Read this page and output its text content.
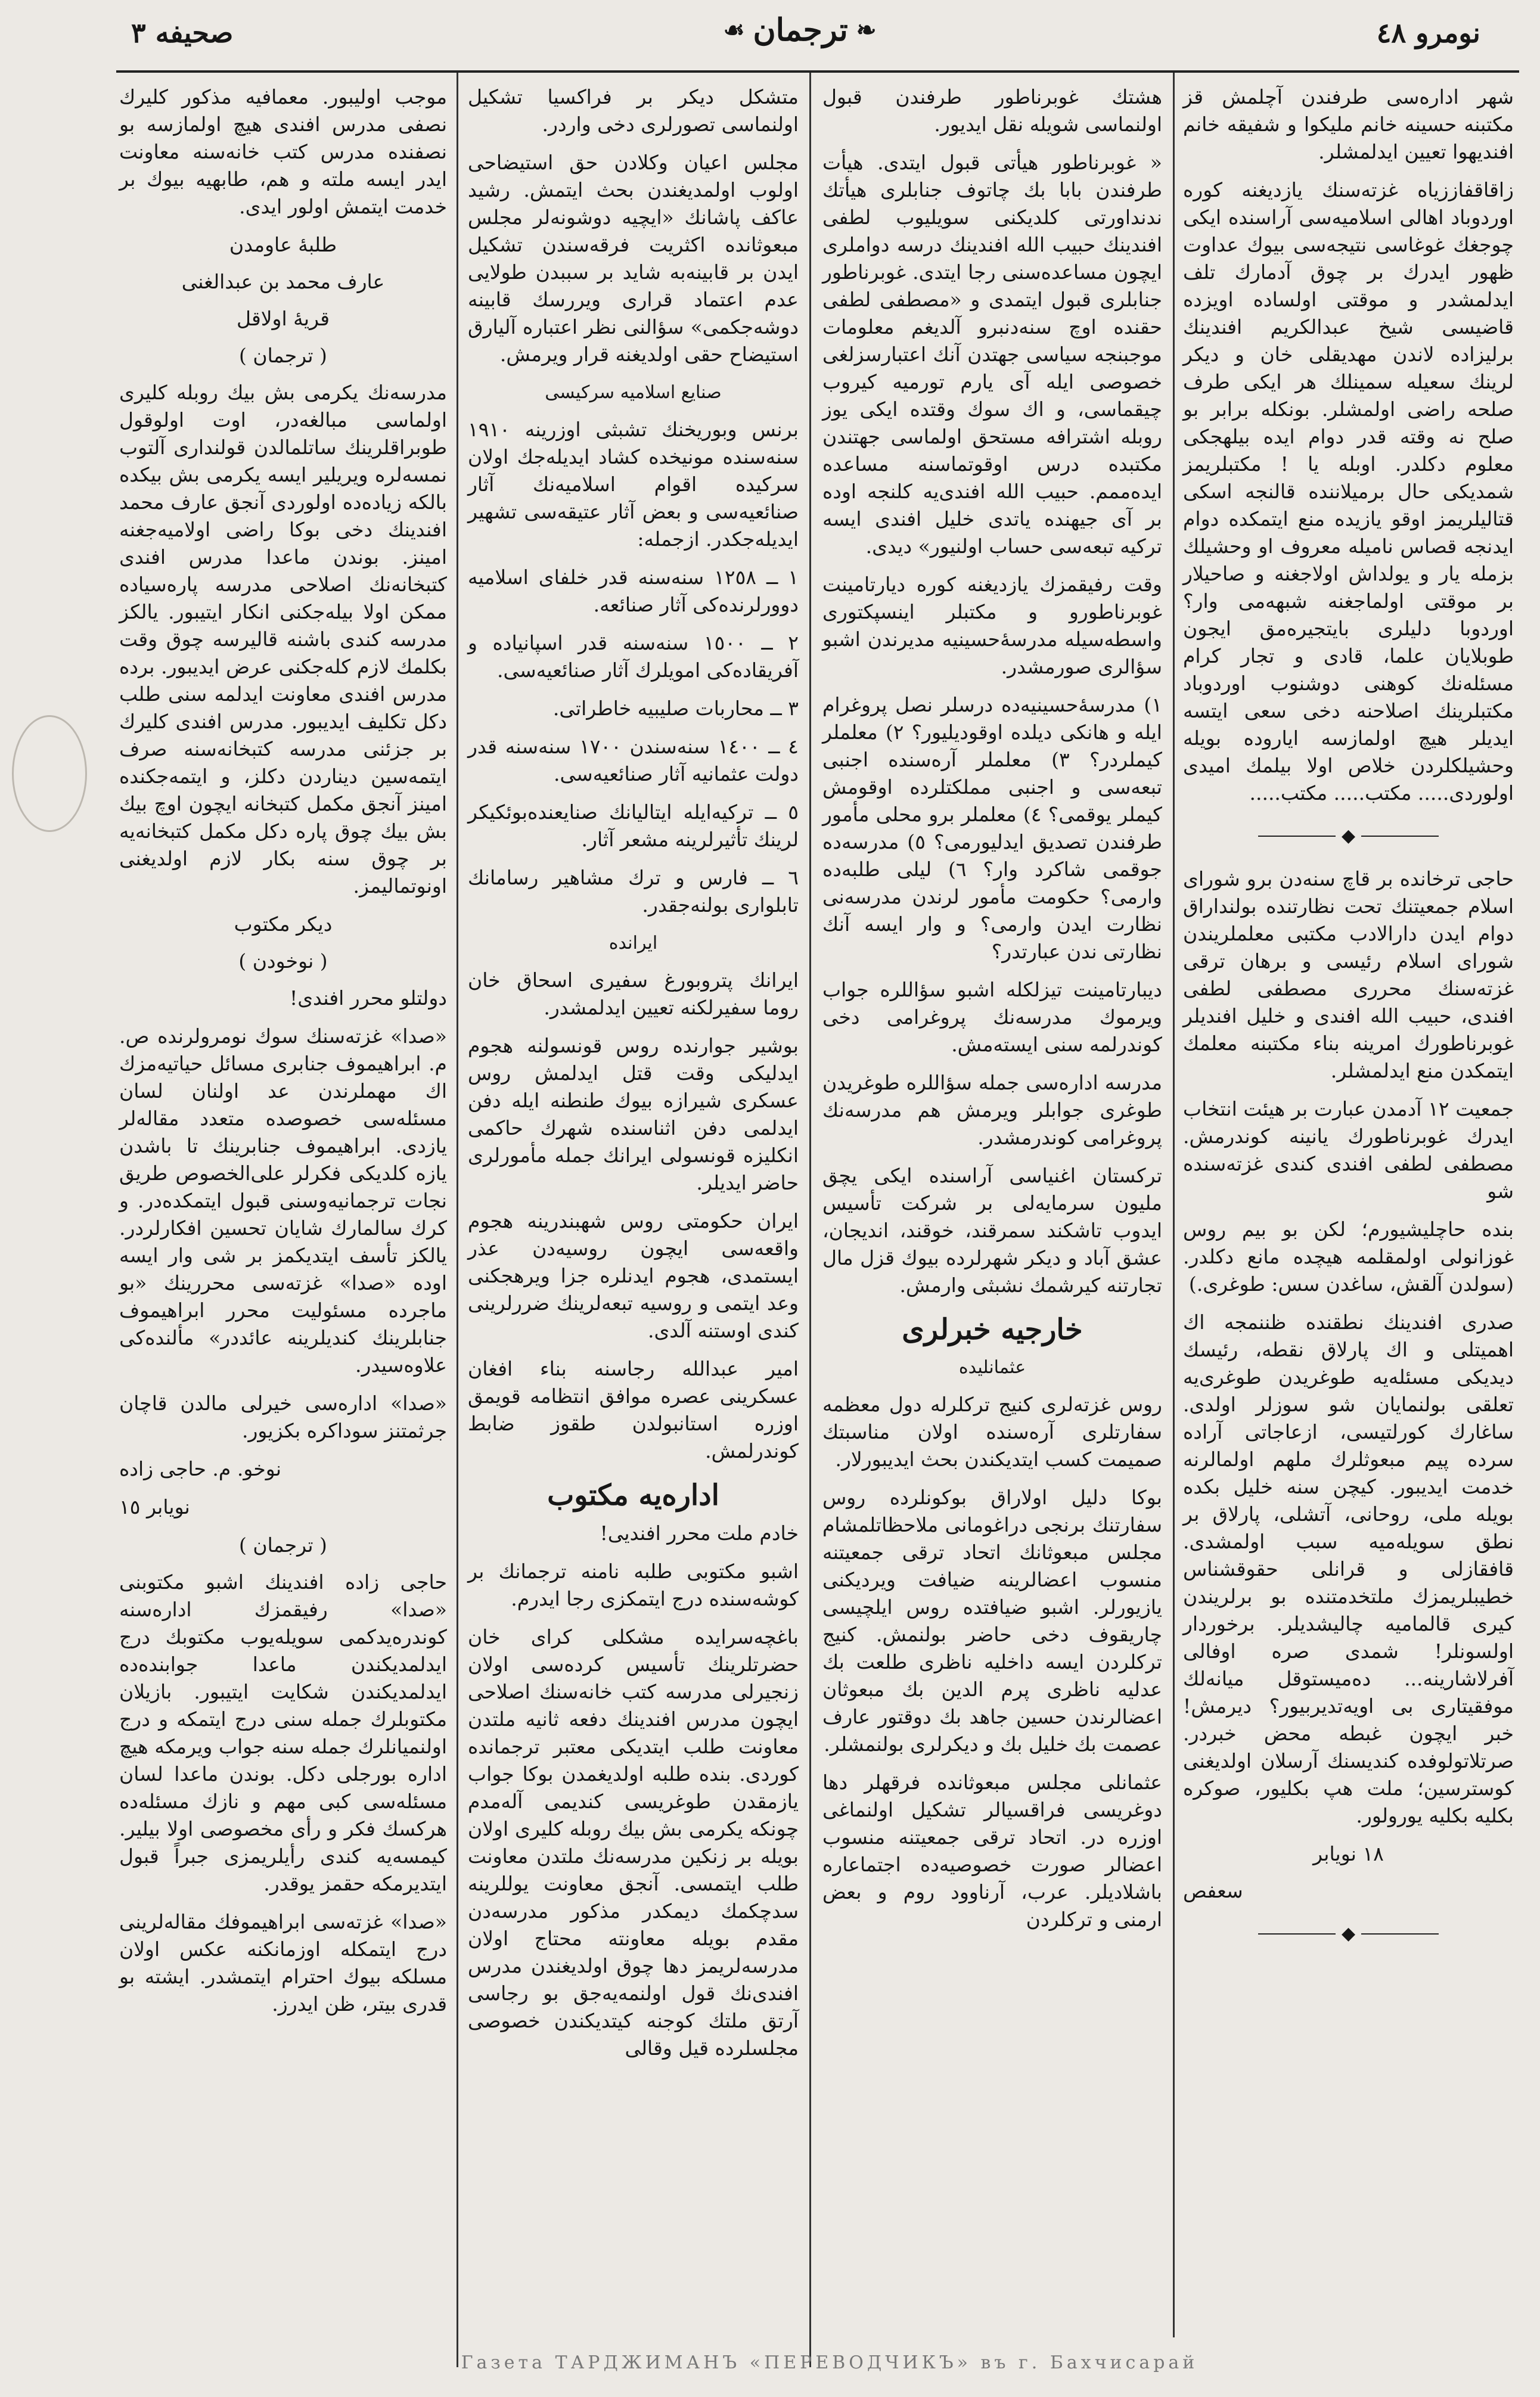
نومرو ٤٨
❧
ترجمان
☙
صحيفه ٣

شهر ادارەسی طرفندن آچلمش قز مکتبنه حسینه خانم ملیکوا و شفیقه خانم افندیهوا تعیین ایدلمشلر.

زاقاقفاززیاه غزتەسنك یازدیغنه کوره اوردوباد اهالی اسلامیەسی آراسنده ایکی چوجغك غوغاسی نتیجەسی بیوك عداوت ظهور ایدرك بر چوق آدمارك تلف ایدلمشدر و موقتی اولساده اویزدە قاضیسی شیخ عبدالکریم افندینك برلیزادە لاندن مهدیقلی خان و دیکر لرینك سعیله سمینلك هر ایکی طرف صلحه راضی اولمشلر. بونکله برابر بو صلح نه وقته قدر دوام ایده بیلهجکی معلوم دکلدر. اوبله یا ! مکتبلریمز شمدیکی حال برمیلاننده قالنجه اسکی قتالیلریمز اوقو یازیده منع ایتمکده دوام ایدنجه قصاس نامیله معروف او وحشیلك بزمله یار و یولداش اولاجغنه و صاحیلار بر موقتی اولماجغنه شبهەمی وار؟ اوردوبا دلیلری بایتجیرەمق ایجون طوبلایان علما، قادی و تجار کرام مسئلەنك کوهنی دوشنوب اوردوباد مکتبلرینك اصلاحنه دخی سعی ایتسه ایدیلر هیچ اولمازسه ایاروده بویله وحشیلکلردن خلاص اولا بیلمك امیدی اولوردی..... مکتب..... مکتب.....

◆

حاجی ترخانده بر قاچ سنەدن برو شورای اسلام جمعیتنك تحت نظارتنده بولنداراق دوام ایدن دارالادب مکتبی معلملریندن شورای اسلام رئیسی و برهان ترقی غزتەسنك محرری مصطفی لطفی افندی، حبیب الله افندی و خلیل افندیلر غوبرناطورك امرینه بناء مکتبنه معلمك ایتمکدن منع ایدلمشلر.

جمعیت ١٢ آدمدن عبارت بر هیئت انتخاب ایدرك غوبرناطورك یانینه کوندرمش. مصطفی لطفی افندی کندی غزتەسنده شو

بنده حاچلیشیورم؛ لکن بو بیم روس غوزانولی اولمقلمه هیچده مانع دکلدر. (سولدن آلقش، ساغدن سس: طوغری.)

صدری افندینك نطقنده ظننمجه اك اهمیتلی و اك پارلاق نقطه، رئیسك دیدیکی مسئلەیە طوغریدن طوغری‌یه تعلقی بولنمایان شو سوزلر اولدی. ساغارك کورلتیسی، ازعاجاتی آراده سرده پیم مبعوثلرك ملهم اولمالرنه خدمت ایدیبور. کیچن سنه خلیل بکده بویله ملی، روحانی، آتشلی، پارلاق بر نطق سویلەمیە سبب اولمشدی. قافقازلی و قرانلی حقوقشناس خطیبلریمزك ملتخدمتنده بو برلریندن کیری قالمامیه چالیشدیلر. برخوردار اولسونلر! شمدی صره اوفالی آفرلاشارینه... دەمیستوقل میانەلك موفقیتاری بی اویەتدیربیور؟ دیرمش! خبر ایچون غبطه محض خبردر. صرتلاتولوفده کندیسنك آرسلان اولدیغنی کوسترسین؛ ملت هپ بکلیور، صوکره بکلیه بکلیه یورولور.

١٨ نویابر
سعفص
◆

هشتك غوبرناطور طرفندن قبول اولنماسی شویله نقل ایدیور.

« غوبرناطور هیأتی قبول ایتدی. هیأت طرفندن بابا بك چاتوف جنابلری هیأتك ندنداورتی کلدیکنی سویلیوب لطفی افندینك حبیب الله افندینك درسه دواملری ایچون مساعدەسنی رجا ایتدی. غوبرناطور جنابلری قبول ایتمدی و «مصطفی لطفی حقنده اوچ سنەدنبرو آلدیغم معلومات موجبنجه سیاسی جهتدن آنك اعتبارسزلغی خصوصی ایله آی یارم تورمیه کیروب چیقماسی، و اك سوك وقتده ایکی یوز روبله اشترافه مستحق اولماسی جهتندن مکتبده درس اوقوتماسنه مساعده ایدەممم. حبیب الله افندی‌یه کلنجه اوده بر آی جیهنده یاتدی خلیل افندی ایسه ترکیه تبعەسی حساب اولنیور» دیدی.

وقت رفیقمزك یازدیغنه کوره دیارتامینت غوبرناطورو و مکتبلر اینسپکتوری واسطه‌سیله مدرسۀحسینیه مدیرندن اشبو سؤالری صورمشدر.

١) مدرسۀحسینیه‌ده درسلر نصل پروغرام ایله و هانکی دیلده اوقودیلیور؟ ٢) معلملر کیملردر؟ ٣) معلملر آرەسنده اجنبی تبعەسی و اجنبی مملکتلرده اوقومش کیملر یوقمی؟ ٤) معلملر برو محلی مأمور طرفندن تصدیق ایدلیورمی؟ ٥) مدرسەده جوقمی شاکرد وار؟ ٦) لیلی طلبەده وارمی؟ حکومت مأمور لرندن مدرسەنی نظارت ایدن وارمی؟ و وار ایسه آنك نظارتی ندن عبارتدر؟

دیبارتامینت تیزلکله اشبو سؤاللره جواب ویرموك مدرسەنك پروغرامی دخی کوندرلمه سنی ایستەمش.

مدرسه ادارەسی جمله سؤاللره طوغریدن طوغری جوابلر ویرمش هم مدرسەنك پروغرامی کوندرمشدر.

ترکستان اغنیاسی آراسنده ایکی یچق ملیون سرمایه‌لی بر شرکت تأسیس ایدوب تاشکند سمرقند، خوقند، اندیجان، عشق آباد و دیکر شهرلرده بیوك قزل مال تجارتنه کیرشمك نشبثی وارمش.

خارجیه خبرلری
عثمانلیده

روس غزتەلری کنیج ترکلرله دول معظمه سفارتلری آرەسنده اولان مناسبتك صمیمت کسب ایتدیکندن بحث ایدیبورلار.

بوکا دلیل اولاراق بوکونلرده روس سفارتنك برنجی دراغومانی ملاحظاتلمشام مجلس مبعوثانك اتحاد ترقی جمعیتنه منسوب اعضالرینه ضیافت ویردیکنی یازیورلر. اشبو ضیافتده روس ایلچیسی چاریقوف دخی حاضر بولنمش. کنیج ترکلردن ایسه داخلیه ناظری طلعت بك عدلیه ناظری پرم الدین بك مبعوثان اعضالرندن حسین جاهد بك دوقتور عارف عصمت بك خلیل بك و دیکرلری بولنمشلر.

عثمانلی مجلس مبعوثانده فرقهلر دها دوغریسی فراقسیالر تشکیل اولنماغی اوزره در. اتحاد ترقی جمعیتنه منسوب اعضالر صورت خصوصیه‌ده اجتماعاره باشلادیلر. عرب، آرناوود روم و بعض ارمنی و ترکلردن

متشکل دیکر بر فراکسیا تشکیل اولنماسی تصورلری دخی واردر.

مجلس اعیان وکلادن حق استیضاحی اولوب اولمدیغندن بحث ایتمش. رشید عاکف پاشانك «ایچیه دوشونه‌لر مجلس مبعوثانده اکثریت فرقەسندن تشکیل ایدن بر قابینه‌به شاید بر سببدن طولایی عدم اعتماد قراری ویررسك قابینه دوشەجکمی» سؤالنی نظر اعتباره آلیارق استیضاح حقی اولدیغنه قرار ویرمش.

صنایع اسلامیه سرکیسی

برنس وبوریخنك تشبثی اوزرینه ١٩١٠ سنەسنده مونیخده کشاد ایدیلەجك اولان سرکیده اقوام اسلامیەنك آثار صنائعیه‌سی و بعض آثار عتیقەسی تشهیر ایدیلەجکدر. ازجمله:

١ ــ ١٢٥٨ سنەسنه قدر خلفای اسلامیه دوورلرندەکی آثار صنائعه.

٢ ــ ١٥٠٠ سنەسنه قدر اسپانیاده و آفریقاده‌کی امویلرك آثار صنائعیه‌سی.

٣ ــ محاربات صلیبیه خاطراتی.

٤ ــ ١٤٠٠ سنەسندن ١٧٠٠ سنەسنه قدر دولت عثمانیه آثار صنائعیه‌سی.

٥ ــ ترکیه‌ایله ایتالیانك صنایعنده‌بوئکیکر لرینك تأثیرلرینه مشعر آثار.

٦ ــ فارس و ترك مشاهیر رسامانك تابلوارى بولنه‌جقدر.

ایرانده

ایرانك پتروبورغ سفیری اسحاق خان روما سفیرلکنه تعیین ایدلمشدر.

بوشیر جوارنده روس قونسولنه هجوم ایدلیکی وقت قتل ایدلمش روس عسکری شیرازه بیوك طنطنه ایله دفن ایدلمی دفن اثناسنده شهرك حاکمی انکلیزه قونسولی ایرانك جمله مأمورلری حاضر ایدیلر.

ایران حکومتی روس شهبندرینه هجوم واقعه‌سی ایچون روسیه‌دن عذر ایستمدی، هجوم ایدنلره جزا ویرهجکنی وعد ایتمی و روسیه تبعه‌لرینك ضررلرینی کندی اوستنه آلدی.

امیر عبدالله رجاسنه بناء افغان عسکرینی عصره موافق انتظامه قویمق اوزره استانبولدن طقوز ضابط کوندرلمش.

ادارەیه مکتوب

خادم ملت محرر افندیی!

اشبو مکتوبی طلبه نامنه ترجمانك بر کوشەسنده درج ایتمکزی رجا ایدرم.

باغچەسرایده مشکلی کرای خان حضرتلرینك تأسیس کردەسی اولان زنجیرلی مدرسه کتب خانەسنك اصلاحی ایچون مدرس افندینك دفعه ثانیه ملتدن معاونت طلب ایتدیکی معتبر ترجمانده کوردی. بنده طلبه اولدیغمدن بوکا جواب یازمقدن طوغریسی کندیمی آلەمدم چونکه یکرمی بش بیك روبله کلیری اولان بویله بر زنکین مدرسەنك ملتدن معاونت طلب ایتمسی. آنجق معاونت یوللرینه سدچکمك دیمکدر مذکور مدرسەدن مقدم بویله معاونته محتاج اولان مدرسەلریمز دها چوق اولدیغندن مدرس افندی‌نك قول اولنمه‌یه‌جق بو رجاسی آرتق ملتك کوجنه کیتدیکندن خصوصی مجلسلرده قیل وقالی

موجب اولیبور. معمافیه مذکور کلیرك نصفی مدرس افندی هیچ اولمازسه بو نصفنده مدرس کتب خانەسنه معاونت ایدر ایسه ملته و هم، طابهیه بیوك بر خدمت ایتمش اولور ایدی.

طلبهٔ عاومدن
عارف محمد بن عبدالغنی
قریۀ اولاقل
( ترجمان )

مدرسەنك یکرمی بش بیك روبله کلیری اولماسی مبالغەدر، اوت اولوقول طوبراقلرینك ساتلمالدن قولنداری آلتوب نمسه‌لره ویریلیر ایسه یکرمی بش بیکده بالکه زیاده‌ده اولوردی آنجق عارف محمد افندینك دخی بوکا راضی اولامیه‌جغنه امینز. بوندن ماعدا مدرس افندی کتبخانەنك اصلاحی مدرسه پاره‌سیاده ممکن اولا بیلەجکنی انکار ایتیبور. یالکز مدرسه کندی باشنه قالیرسه چوق وقت بکلمك لازم کلەجکنی عرض ایدیبور. برده مدرس افندی معاونت ایدلمه سنی طلب دکل تکلیف ایدیبور. مدرس افندی کلیرك بر جزئنی مدرسه کتبخانەسنه صرف ایتمەسین دیناردن دکلز، و ایتمەجکنده امینز آنجق مکمل کتبخانه ایچون اوچ بیك بش بیك چوق پاره دکل مکمل کتبخانەیه بر چوق سنه بکار لازم اولدیغنی اونوتمالیمز.

دیکر مکتوب
( نوخودن )

دولتلو محرر افندی!

«صدا» غزتەسنك سوك نومرولرنده ص. م. ابراهیموف جنابری مسائل حیاتیه‌مزك اك مهملرندن عد اولنان لسان مسئلەسی خصوصده متعدد مقالەلر یازدی. ابراهیموف جنابرینك تا باشدن یازه کلدیکی فکرلر علی‌الخصوص طریق نجات ترجمانیه‌وسنی قبول ایتمکدەدر. و کرك سالمارك شایان تحسین افکارلردر. یالکز تأسف ایتدیکمز بر شی وار ایسه اوده «صدا» غزتەسی محررینك «بو ماجرده مسئولیت محرر ابراهیموف جنابلرینك کندیلرینه عائددر» مألنده‌کی علاوەسیدر.

«صدا» ادارەسی خیرلی مالدن قاچان جرثمتنز سوداکره بکزیور.

نوخو. م. حاجی زاده
نویابر ١٥
( ترجمان )

حاجی زاده افندینك اشبو مکتوبنی «صدا» رفیقمزك ادارەسنه کوندرەیدکمی سویلەیوب مکتوبك درج ایدلمدیکندن ماعدا جوابنده‌ده ایدلمدیکندن شکایت ایتیبور. بازیلان مکتوبلرك جمله سنی درج ایتمکه و درج اولنمیانلرك جمله سنه جواب ویرمکه هیچ اداره بورجلی دکل. بوندن ماعدا لسان مسئلەسی کبی مهم و نازك مسئلەده هرکسك فکر و رأی مخصوصی اولا بیلیر. کیمسەیه کندی رأیلریمزی جبراً قبول ایتدیرمکه حقمز یوقدر.

«صدا» غزتەسی ابراهیموفك مقالەلرینی درج ایتمکله اوزمانکنه عکس اولان مسلکه بیوك احترام ایتمشدر. ایشته بو قدری بیتر، ظن ایدرز.

Газета ТАРДЖИМАНЪ «ПЕРЕВОДЧИКЪ» въ г. Бахчисарай
